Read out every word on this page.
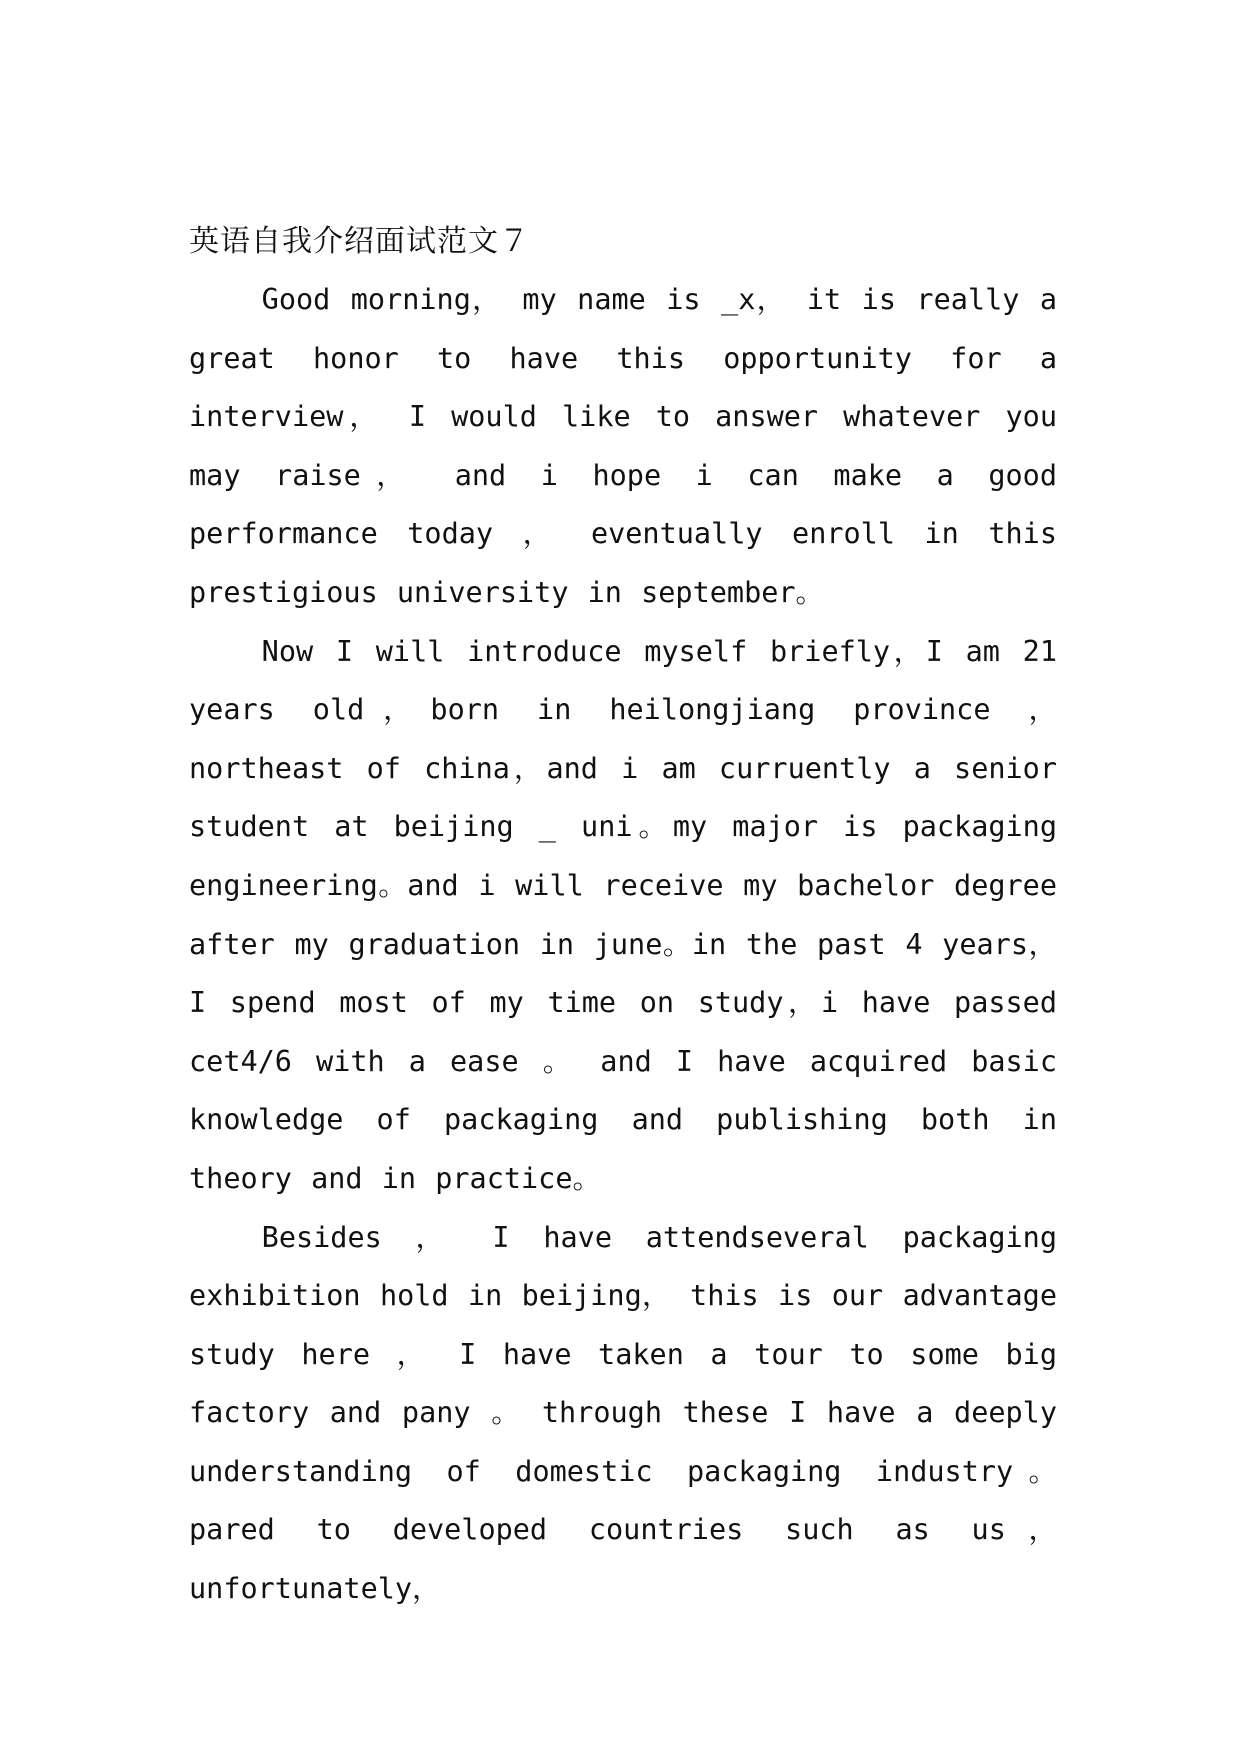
英语自我介绍面试范文７

Good morning， my name is _x， it is really a great honor to have this opportunity for a interview， I would like to answer whatever you may raise， and i hope i can make a good performance today ， eventually enroll in this prestigious university in september。

Now I will introduce myself briefly，I am 21 years old，born in heilongjiang province ，northeast of china，and i am curruently a senior student at beijing _ uni。my major is packaging engineering。and i will receive my bachelor degree after my graduation in june。in the past 4 years，I spend most of my time on study，i have passed cet4/6 with a ease 。 and I have acquired basic knowledge of packaging and publishing both in theory and in practice。

Besides ， I have attendseveral packaging exhibition hold in beijing， this is our advantage study here ， I have taken a tour to some big factory and pany 。 through these I have a deeply understanding of domestic packaging industry。 pared to developed countries such as us， unfortunately，
